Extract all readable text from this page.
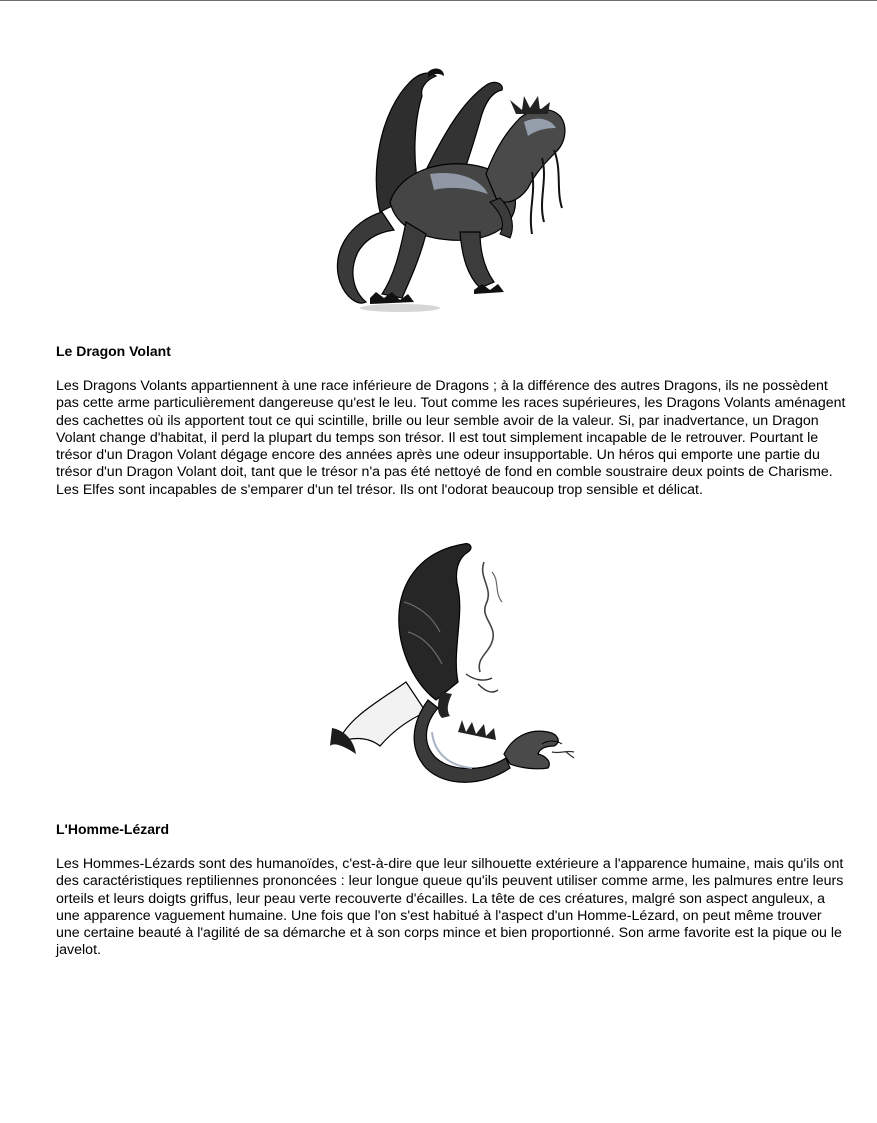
Le Dragon Volant

Les Dragons Volants appartiennent à une race inférieure de Dragons ; à la différence des autres Dragons, ils ne possèdent pas cette arme particulièrement dangereuse qu'est le leu. Tout comme les races supérieures, les Dragons Volants aménagent des cachettes où ils apportent tout ce qui scintille, brille ou leur semble avoir de la valeur. Si, par inadvertance, un Dragon Volant change d'habitat, il perd la plupart du temps son trésor. Il est tout simplement incapable de le retrouver. Pourtant le trésor d'un Dragon Volant dégage encore des années après une odeur insupportable. Un héros qui emporte une partie du trésor d'un Dragon Volant doit, tant que le trésor n'a pas été nettoyé de fond en comble soustraire deux points de Charisme. Les Elfes sont incapables de s'emparer d'un tel trésor. Ils ont l'odorat beaucoup trop sensible et délicat.

L'Homme-Lézard

Les Hommes-Lézards sont des humanoïdes, c'est-à-dire que leur silhouette extérieure a l'apparence humaine, mais qu'ils ont des caractéristiques reptiliennes prononcées : leur longue queue qu'ils peuvent utiliser comme arme, les palmures entre leurs orteils et leurs doigts griffus, leur peau verte recouverte d'écailles. La tête de ces créatures, malgré son aspect anguleux, a une apparence vaguement humaine. Une fois que l'on s'est habitué à l'aspect d'un Homme-Lézard, on peut même trouver une certaine beauté à l'agilité de sa démarche et à son corps mince et bien proportionné. Son arme favorite est la pique ou le javelot.
